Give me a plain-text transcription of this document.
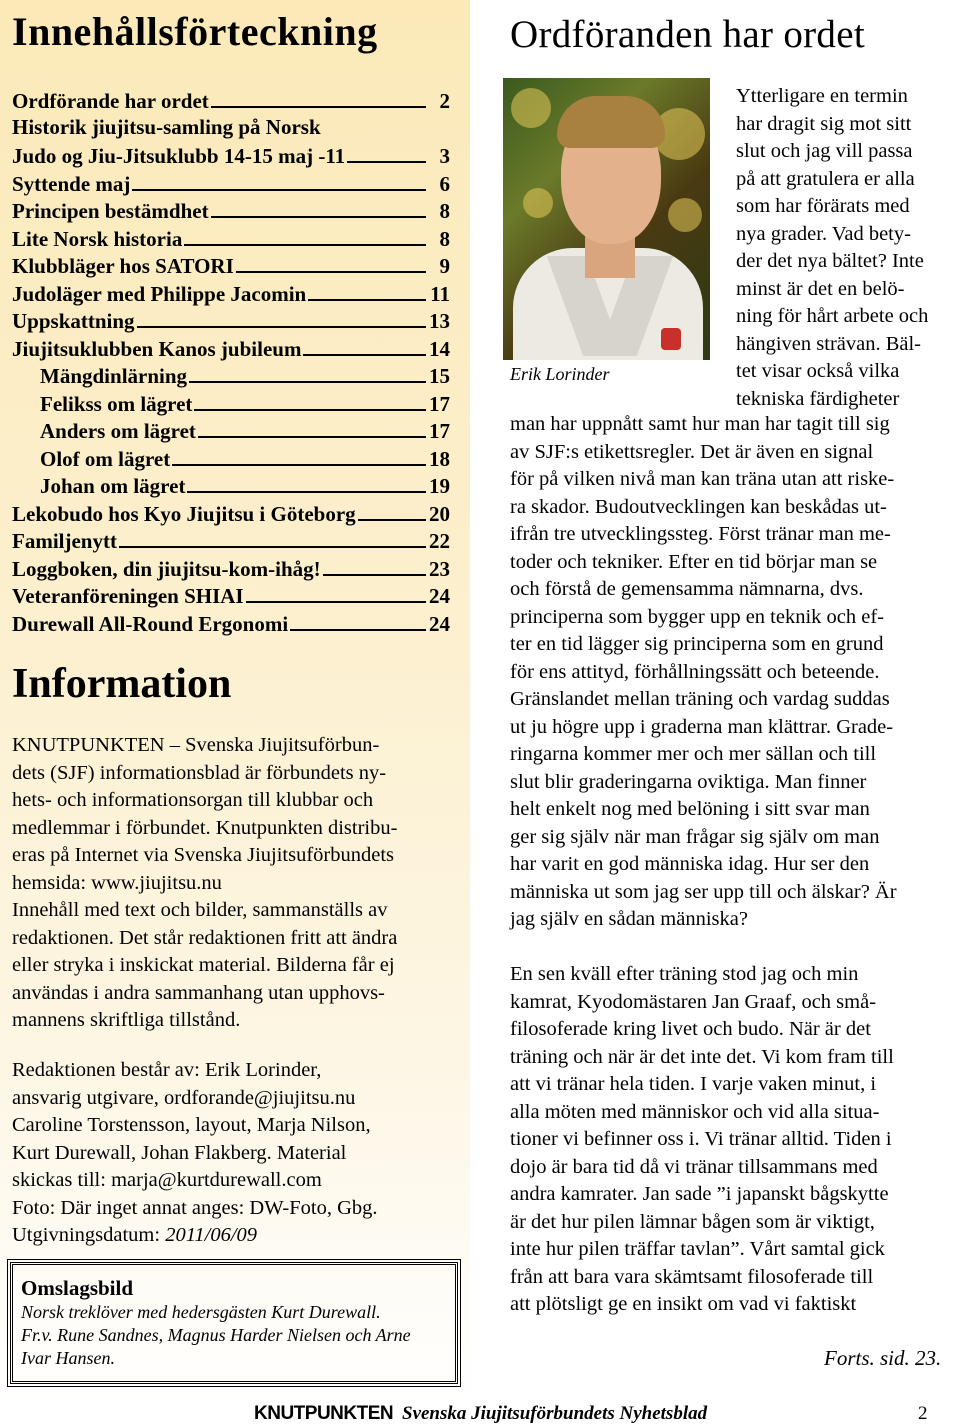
Innehållsförteckning
Ordförande har ordet	2
Historik jiujitsu-samling på Norsk
Judo og Jiu-Jitsuklubb 14-15 maj -11	3
Syttende maj	6
Principen bestämdhet	8
Lite Norsk historia	8
Klubbläger hos SATORI	9
Judoläger med Philippe Jacomin	11
Uppskattning	13
Jiujitsuklubben Kanos jubileum	14
Mängdinlärning	15
Felikss om lägret	17
Anders om lägret	17
Olof om lägret	18
Johan om lägret	19
Lekobudo hos Kyo Jiujitsu i Göteborg	20
Familjenytt	22
Loggboken, din jiujitsu-kom-ihåg!	23
Veteranföreningen SHIAI	24
Durewall All-Round Ergonomi	24
Information
KNUTPUNKTEN – Svenska Jiujitsuförbun-
dets (SJF) informationsblad är förbundets ny-
hets- och informationsorgan till klubbar och
medlemmar i förbundet. Knutpunkten distribu-
eras på Internet via Svenska Jiujitsuförbundets
hemsida: www.jiujitsu.nu
Innehåll med text och bilder, sammanställs av
redaktionen. Det står redaktionen fritt att ändra
eller stryka i inskickat material. Bilderna får ej
användas i andra sammanhang utan upphovs-
mannens skriftliga tillstånd.
Redaktionen består av: Erik Lorinder,
ansvarig utgivare, ordforande@jiujitsu.nu
Caroline Torstensson, layout, Marja Nilson,
Kurt Durewall, Johan Flakberg. Material
skickas till: marja@kurtdurewall.com
Foto: Där inget annat anges: DW-Foto, Gbg.
Utgivningsdatum: 2011/06/09
Omslagsbild
Norsk treklöver med hedersgästen Kurt Durewall.
Fr.v. Rune Sandnes, Magnus Harder Nielsen och Arne
Ivar Hansen.
Ordföranden har ordet
Erik Lorinder
Ytterligare en termin
har dragit sig mot sitt
slut och jag vill passa
på att gratulera er alla
som har förärats med
nya grader. Vad bety-
der det nya bältet? Inte
minst är det en belö-
ning för hårt arbete och
hängiven strävan. Bäl-
tet visar också vilka
tekniska färdigheter
man har uppnått samt hur man har tagit till sig
av SJF:s etikettsregler. Det är även en signal
för på vilken nivå man kan träna utan att riske-
ra skador. Budoutvecklingen kan beskådas ut-
ifrån tre utvecklingssteg. Först tränar man me-
toder och tekniker. Efter en tid börjar man se
och förstå de gemensamma nämnarna, dvs.
principerna som bygger upp en teknik och ef-
ter en tid lägger sig principerna som en grund
för ens attityd, förhållningssätt och beteende.
Gränslandet mellan träning och vardag suddas
ut ju högre upp i graderna man klättrar. Grade-
ringarna kommer mer och mer sällan och till
slut blir graderingarna oviktiga. Man finner
helt enkelt nog med belöning i sitt svar man
ger sig själv när man frågar sig själv om man
har varit en god människa idag. Hur ser den
människa ut som jag ser upp till och älskar? Är
jag själv en sådan människa?
En sen kväll efter träning stod jag och min
kamrat, Kyodomästaren Jan Graaf, och små-
filosoferade kring livet och budo. När är det
träning och när är det inte det. Vi kom fram till
att vi tränar hela tiden. I varje vaken minut, i
alla möten med människor och vid alla situa-
tioner vi befinner oss i. Vi tränar alltid. Tiden i
dojo är bara tid då vi tränar tillsammans med
andra kamrater. Jan sade ”i japanskt bågskytte
är det hur pilen lämnar bågen som är viktigt,
inte hur pilen träffar tavlan”. Vårt samtal gick
från att bara vara skämtsamt filosoferade till
att plötsligt ge en insikt om vad vi faktiskt
Forts. sid. 23.
KNUTPUNKTEN Svenska Jiujitsuförbundets Nyhetsblad	2
